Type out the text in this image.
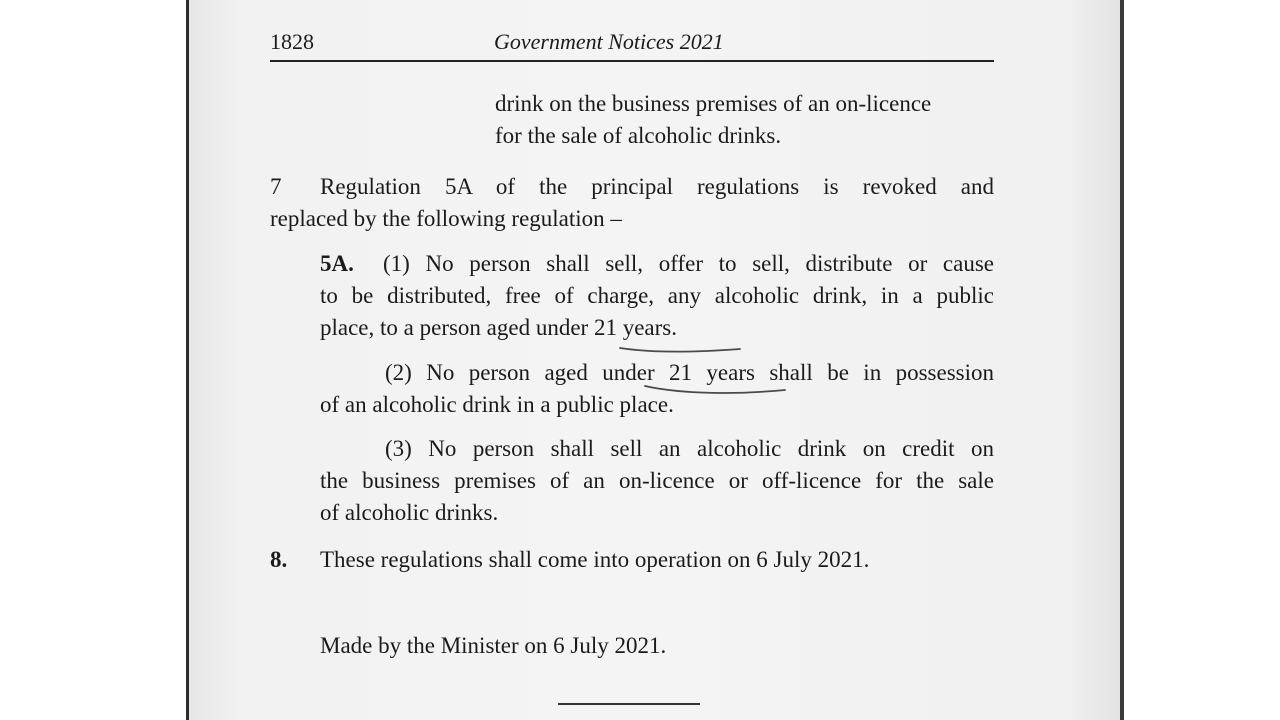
1828	Government Notices 2021
drink on the business premises of an on-licence
for the sale of alcoholic drinks.
7 Regulation 5A of the principal regulations is revoked and
replaced by the following regulation –
5A. (1) No person shall sell, offer to sell, distribute or cause
to be distributed, free of charge, any alcoholic drink, in a public
place, to a person aged under 21 years.
(2) No person aged under 21 years shall be in possession
of an alcoholic drink in a public place.
(3) No person shall sell an alcoholic drink on credit on
the business premises of an on-licence or off-licence for the sale
of alcoholic drinks.
8. These regulations shall come into operation on 6 July 2021.
Made by the Minister on 6 July 2021.
